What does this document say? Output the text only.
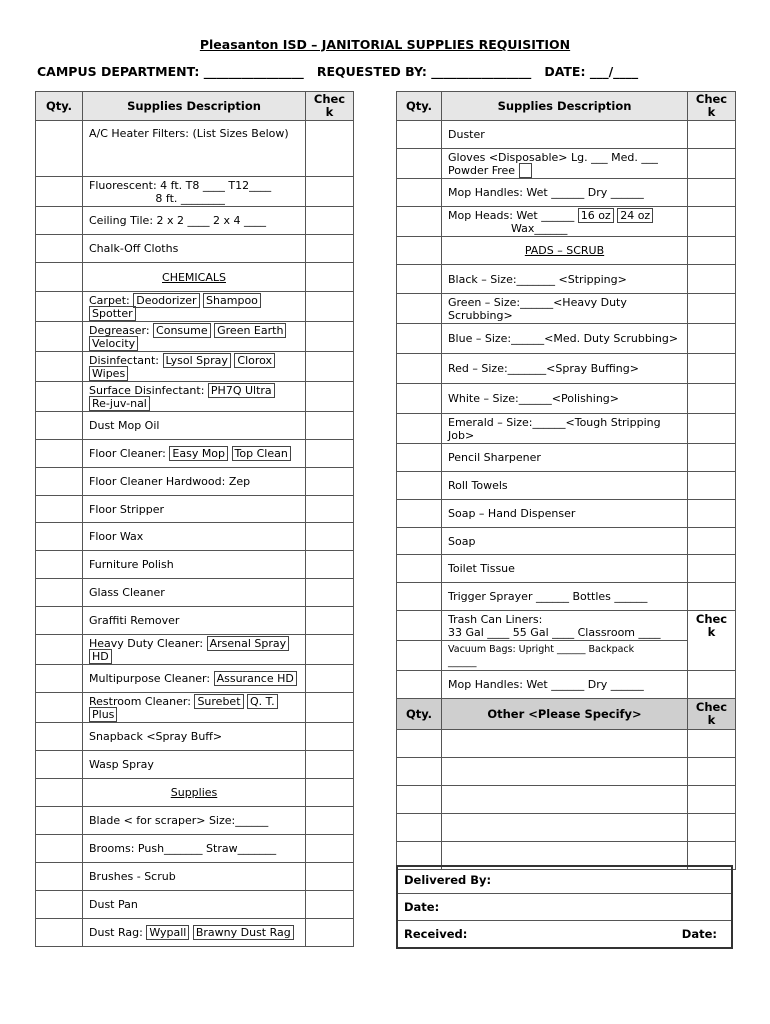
Pleasanton ISD – JANITORIAL SUPPLIES REQUISITION
CAMPUS DEPARTMENT: ________________   REQUESTED BY: ________________   DATE: ___/____
Qty.	Supplies Description	Chec
k
	A/C Heater Filters: (List Sizes Below)	
	Fluorescent: 4 ft. T8 ____ T12____
8 ft. ________	
	Ceiling Tile: 2 x 2 ____ 2 x 4 ____	
	Chalk-Off Cloths	
	CHEMICALS	
	Carpet: Deodorizer Shampoo
Spotter	
	Degreaser: Consume Green Earth
Velocity	
	Disinfectant: Lysol Spray Clorox
Wipes	
	Surface Disinfectant: PH7Q Ultra
Re-juv-nal	
	Dust Mop Oil	
	Floor Cleaner: Easy Mop Top Clean	
	Floor Cleaner Hardwood: Zep	
	Floor Stripper	
	Floor Wax	
	Furniture Polish	
	Glass Cleaner	
	Graffiti Remover	
	Heavy Duty Cleaner: Arsenal Spray
HD	
	Multipurpose Cleaner: Assurance HD	
	Restroom Cleaner: Surebet Q. T.
Plus	
	Snapback <Spray Buff>	
	Wasp Spray	
	Supplies	
	Blade < for scraper> Size:______	
	Brooms: Push_______ Straw_______	
	Brushes - Scrub	
	Dust Pan	
	Dust Rag: Wypall Brawny Dust Rag	
Qty.	Supplies Description	Chec
k
	Duster	
	Gloves <Disposable> Lg. ___ Med. ___
Powder Free	
	Mop Handles: Wet ______ Dry ______	
	Mop Heads: Wet ______ 16 oz 24 oz
Wax______	
	PADS – SCRUB	
	Black – Size:_______ <Stripping>	
	Green – Size:______<Heavy Duty Scrubbing>	
	Blue – Size:______<Med. Duty Scrubbing>	
	Red – Size:_______<Spray Buffing>	
	White – Size:______<Polishing>	
	Emerald – Size:______<Tough Stripping Job>	
	Pencil Sharpener	
	Roll Towels	
	Soap – Hand Dispenser	
	Soap	
	Toilet Tissue	
	Trigger Sprayer ______ Bottles ______	
	Trash Can Liners:
33 Gal ____ 55 Gal ____ Classroom ____	Chec
k
	Vacuum Bags: Upright ______ Backpack
______	
	Mop Handles: Wet ______ Dry ______	
Qty.	Other <Please Specify>	Chec
k

Delivered By:
Date:
Received:	Date:
